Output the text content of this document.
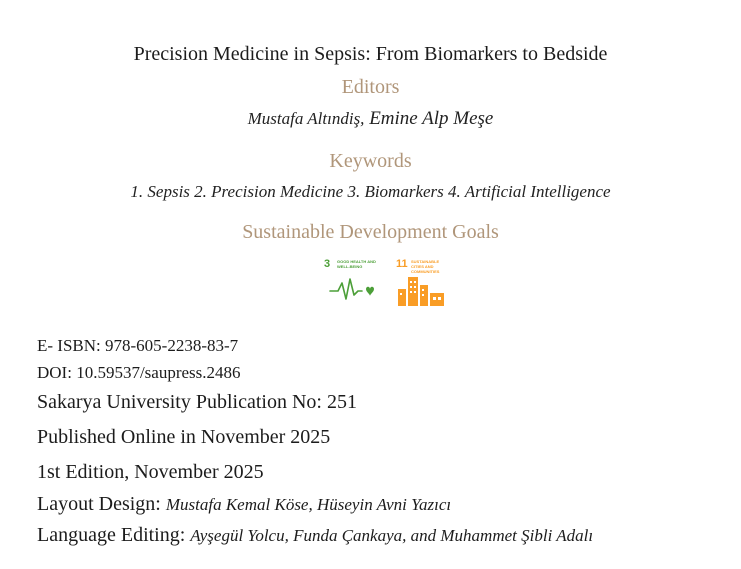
Precision Medicine in Sepsis: From Biomarkers to Bedside
Editors
Mustafa Altındiş, Emine Alp Meşe
Keywords
1. Sepsis 2. Precision Medicine 3. Biomarkers 4. Artificial Intelligence
Sustainable Development Goals
3 GOOD HEALTH AND WELL-BEING	11 SUSTAINABLE CITIES AND COMMUNITIES
E- ISBN: 978-605-2238-83-7
DOI: 10.59537/saupress.2486
Sakarya University Publication No: 251
Published Online in November 2025
1st Edition, November 2025
Layout Design: Mustafa Kemal Köse, Hüseyin Avni Yazıcı
Language Editing: Ayşegül Yolcu, Funda Çankaya, and Muhammet Şibli Adalı
